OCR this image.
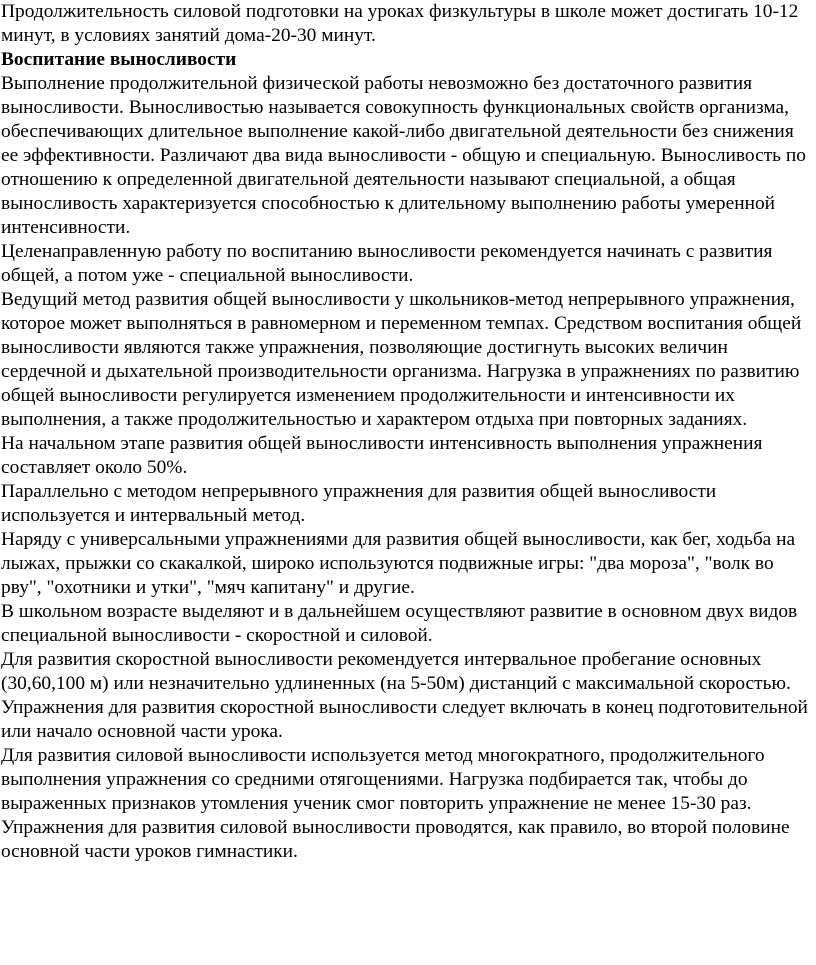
Продолжительность силовой подготовки на уроках физкультуры в школе может достигать 10-12 минут, в условиях занятий дома-20-30 минут.

Воспитание выносливости

Выполнение продолжительной физической работы невозможно без достаточного развития выносливости. Выносливостью называется совокупность функциональных свойств организма, обеспечивающих длительное выполнение какой-либо двигательной деятельности без снижения ее эффективности. Различают два вида выносливости - общую и специальную. Выносливость по отношению к определенной двигательной деятельности называют специальной, а общая выносливость характеризуется способностью к длительному выполнению работы умеренной интенсивности.

Целенаправленную работу по воспитанию выносливости рекомендуется начинать с развития общей, а потом уже - специальной выносливости.

Ведущий метод развития общей выносливости у школьников-метод непрерывного упражнения, которое может выполняться в равномерном и переменном темпах. Средством воспитания общей выносливости являются также упражнения, позволяющие достигнуть высоких величин сердечной и дыхательной производительности организма. Нагрузка в упражнениях по развитию общей выносливости регулируется изменением продолжительности и интенсивности их выполнения, а также продолжительностью и характером отдыха при повторных заданиях.

На начальном этапе развития общей выносливости интенсивность выполнения упражнения составляет около 50%.

Параллельно с методом непрерывного упражнения для развития общей выносливости используется и интервальный метод.

Наряду с универсальными упражнениями для развития общей выносливости, как бег, ходьба на лыжах, прыжки со скакалкой, широко используются подвижные игры: "два мороза", "волк во рву", "охотники и утки", "мяч капитану" и другие.

В школьном возрасте выделяют и в дальнейшем осуществляют развитие в основном двух видов специальной выносливости - скоростной и силовой.

Для развития скоростной выносливости рекомендуется интервальное пробегание основных (30,60,100 м) или незначительно удлиненных (на 5-50м) дистанций с максимальной скоростью.

Упражнения для развития скоростной выносливости следует включать в конец подготовительной или начало основной части урока.

Для развития силовой выносливости используется метод многократного, продолжительного выполнения упражнения со средними отягощениями. Нагрузка подбирается так, чтобы до выраженных признаков утомления ученик смог повторить упражнение не менее 15-30 раз.

Упражнения для развития силовой выносливости проводятся, как правило, во второй половине основной части уроков гимнастики.
